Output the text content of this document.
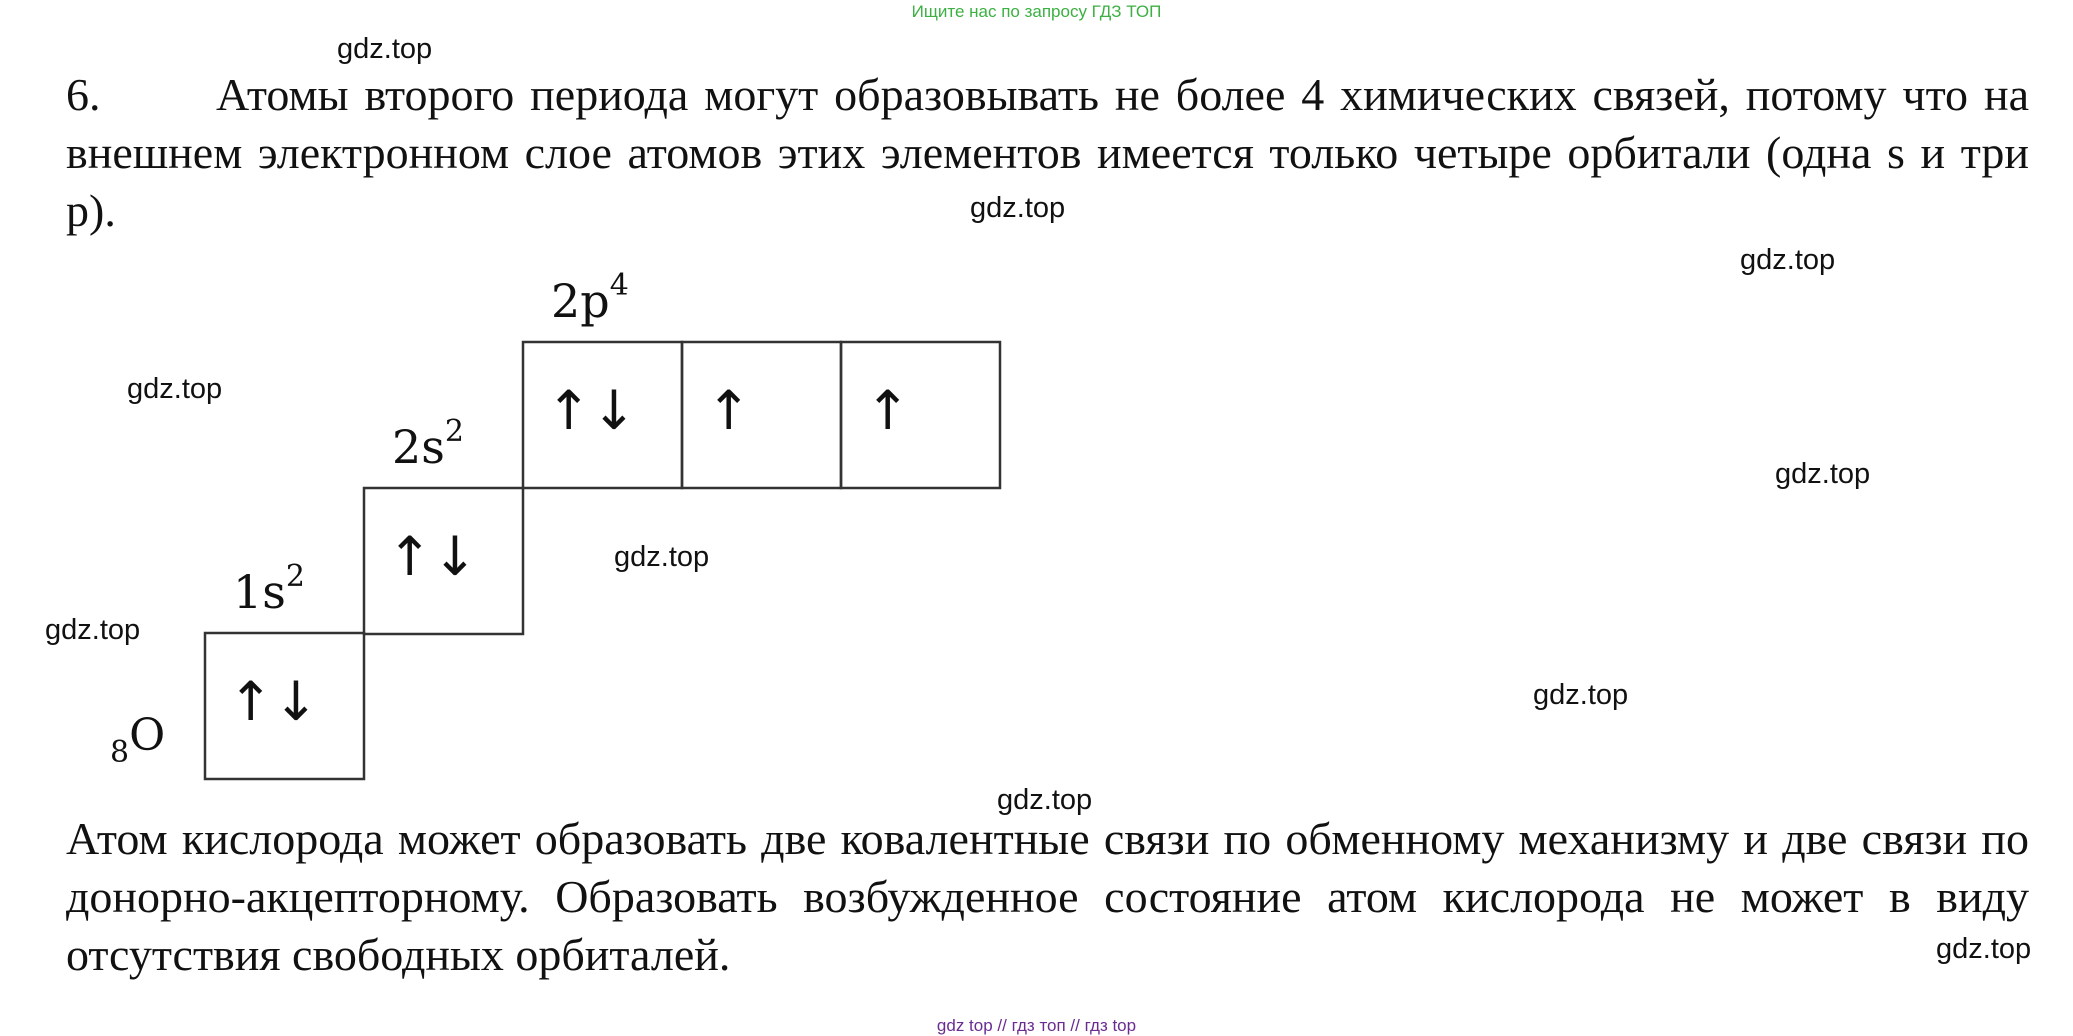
Ищите нас по запросу ГДЗ ТОП
6.	Атомы второго периода могут образовывать не более 4 химических связей, потому что на внешнем электронном слое атомов этих элементов имеется только четыре орбитали (одна s и три p).
↑↓
↑↓
↑↓ ↑ ↑
1s2
2s2
2p4
8O
Атом кислорода может образовать две ковалентные связи по обменному механизму и две связи по донорно-акцепторному. Образовать возбужденное состояние атом кислорода не может в виду отсутствия свободных орбиталей.
gdz.top
gdz.top
gdz.top
gdz.top
gdz.top
gdz.top
gdz.top
gdz.top
gdz.top
gdz.top
gdz top // гдз топ // гдз top
